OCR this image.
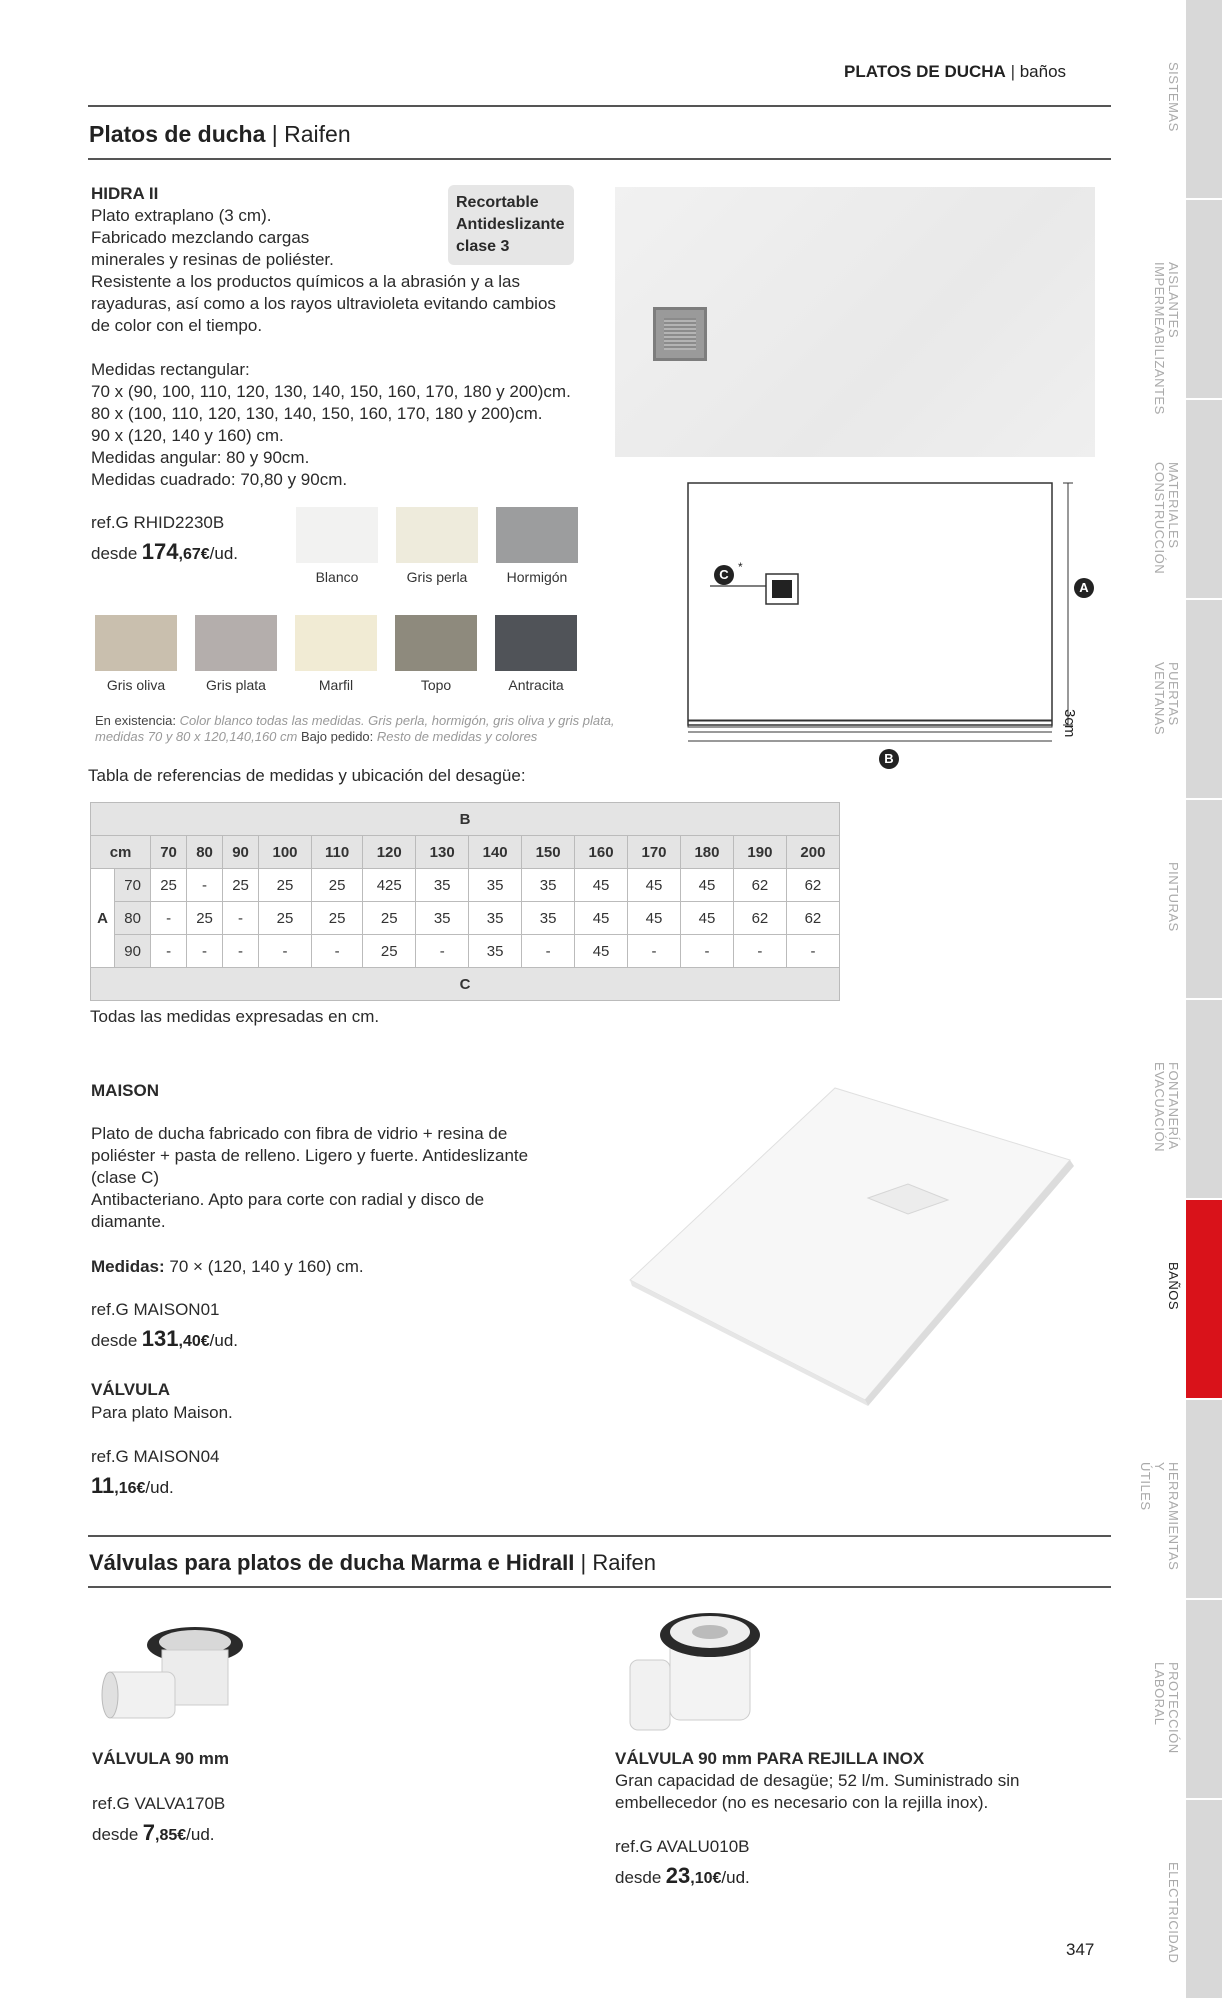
PLATOS DE DUCHA | baños
Platos de ducha | Raifen
HIDRA II
Plato extraplano (3 cm).
Fabricado mezclando cargas
minerales y resinas de poliéster.
Resistente a los productos químicos a la abrasión y a las
rayaduras, así como a los rayos ultravioleta evitando cambios
de color con el tiempo.
Recortable
Antideslizante
clase 3
Medidas rectangular:
70 x (90, 100, 110, 120, 130, 140, 150, 160, 170, 180 y 200)cm.
80 x (100, 110, 120, 130, 140, 150, 160, 170, 180 y 200)cm.
90 x (120, 140 y 160) cm.
Medidas angular: 80 y 90cm.
Medidas cuadrado: 70,80 y 90cm.
ref.G RHID2230B
desde 174,67€/ud.
Blanco	Gris perla	Hormigón
Gris oliva	Gris plata	Marfil	Topo	Antracita
En existencia: Color blanco todas las medidas. Gris perla, hormigón, gris oliva y gris plata,
medidas 70 y 80 x 120,140,160 cm Bajo pedido: Resto de medidas y colores
C *
A
B
3cm
Tabla de referencias de medidas y ubicación del desagüe:
B															
cm		70	80	90	100	110	120	130	140	150	160	170	180	190	200
A	70	25	-	25	25	25	425	35	35	35	45	45	45	62	62
	80	-	25	-	25	25	25	35	35	35	45	45	45	62	62
	90	-	-	-	-	-	25	-	35	-	45	-	-	-	-
C															
Todas las medidas expresadas en cm.
MAISON
Plato de ducha fabricado con fibra de vidrio + resina de
poliéster + pasta de relleno. Ligero y fuerte. Antideslizante
(clase C)
Antibacteriano. Apto para corte con radial y disco de
diamante.
Medidas: 70 × (120, 140 y 160) cm.
ref.G MAISON01
desde 131,40€/ud.
VÁLVULA
Para plato Maison.
ref.G MAISON04
11,16€/ud.
Válvulas para platos de ducha Marma e HidraII | Raifen
VÁLVULA 90 mm
ref.G VALVA170B
desde 7,85€/ud.
VÁLVULA 90 mm PARA REJILLA INOX
Gran capacidad de desagüe; 52 l/m. Suministrado sin
embellecedor (no es necesario con la rejilla inox).
ref.G AVALU010B
desde 23,10€/ud.
347
SISTEMAS
AISLANTES
IMPERMEABILIZANTES
MATERIALES
CONSTRUCCIÓN
PUERTAS
VENTANAS
PINTURAS
FONTANERÍA
EVACUACIÓN
BAÑOS
HERRAMIENTAS
Y ÚTILES
PROTECCIÓN
LABORAL
ELECTRICIDAD
